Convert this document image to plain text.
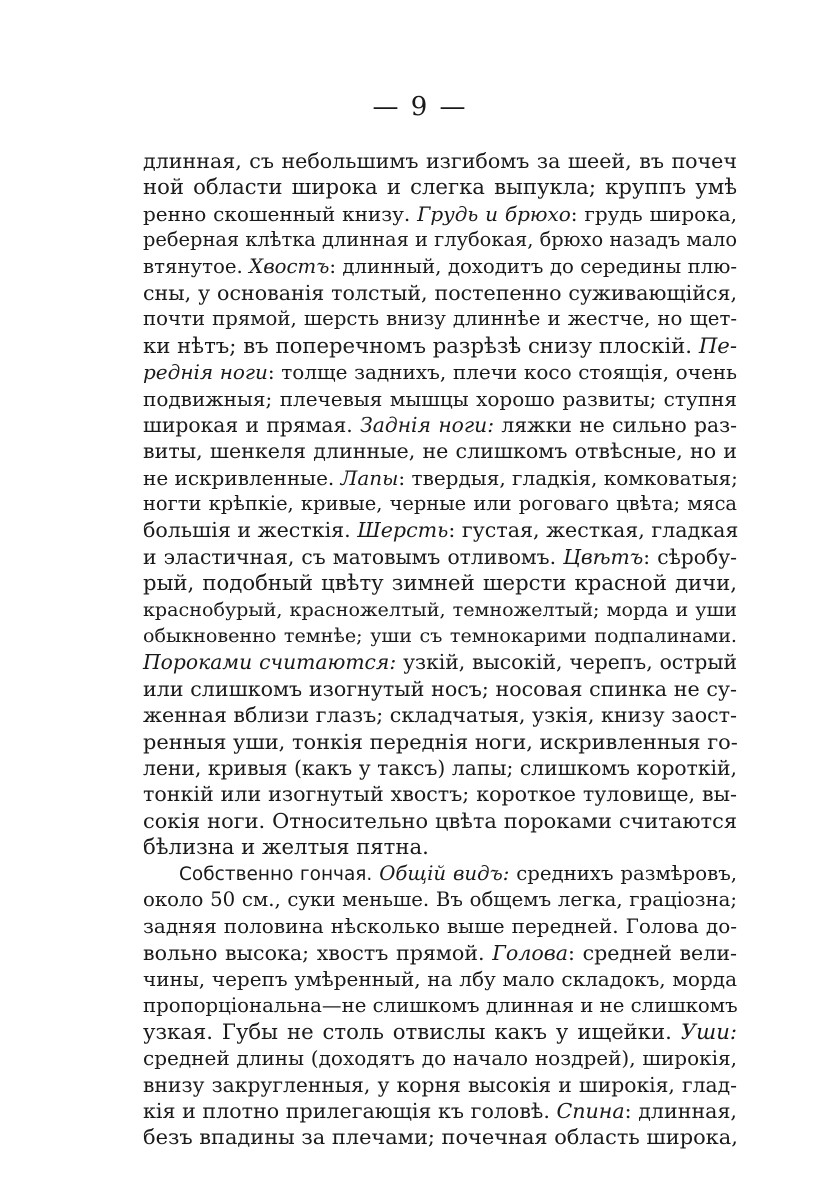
— 9 —
длинная, съ небольшимъ изгибомъ за шеей, въ почеч
ной области широка и слегка выпукла; круппъ умѣ
ренно скошенный книзу. Грудь и брюхо: грудь широка,
реберная клѣтка длинная и глубокая, брюхо назадъ мало
втянутое. Хвостъ: длинный, доходитъ до середины плю-
сны, у основанія толстый, постепенно суживающійся,
почти прямой, шерсть внизу длиннѣе и жестче, но щет-
ки нѣтъ; въ поперечномъ разрѣзѣ снизу плоскій. Пе-
реднія ноги: толще заднихъ, плечи косо стоящія, очень
подвижныя; плечевыя мышцы хорошо развиты; ступня
широкая и прямая. Заднія ноги: ляжки не сильно раз-
виты, шенкеля длинные, не слишкомъ отвѣсные, но и
не искривленные. Лапы: твердыя, гладкія, комковатыя;
ногти крѣпкіе, кривые, черные или роговаго цвѣта; мяса
большія и жесткія. Шерсть: густая, жесткая, гладкая
и эластичная, съ матовымъ отливомъ. Цвѣтъ: сѣробу-
рый, подобный цвѣту зимней шерсти красной дичи,
краснобурый, красножелтый, темножелтый; морда и уши
обыкновенно темнѣе; уши съ темнокарими подпалинами.
Пороками считаются: узкій, высокій, черепъ, острый
или слишкомъ изогнутый носъ; носовая спинка не су-
женная вблизи глазъ; складчатыя, узкія, книзу заост-
ренныя уши, тонкія переднія ноги, искривленныя го-
лени, кривыя (какъ у таксъ) лапы; слишкомъ короткій,
тонкій или изогнутый хвостъ; короткое туловище, вы-
сокія ноги. Относительно цвѣта пороками считаются
бѣлизна и желтыя пятна.
Собственно гончая. Общій видъ: среднихъ размѣровъ,
около 50 см., суки меньше. Въ общемъ легка, граціозна;
задняя половина нѣсколько выше передней. Голова до-
вольно высока; хвостъ прямой. Голова: средней вели-
чины, черепъ умѣренный, на лбу мало складокъ, морда
пропорціональна—не слишкомъ длинная и не слишкомъ
узкая. Губы не столь отвислы какъ у ищейки. Уши:
средней длины (доходятъ до начало ноздрей), широкія,
внизу закругленныя, у корня высокія и широкія, глад-
кія и плотно прилегающія къ головѣ. Спина: длинная,
безъ впадины за плечами; почечная область широка,
